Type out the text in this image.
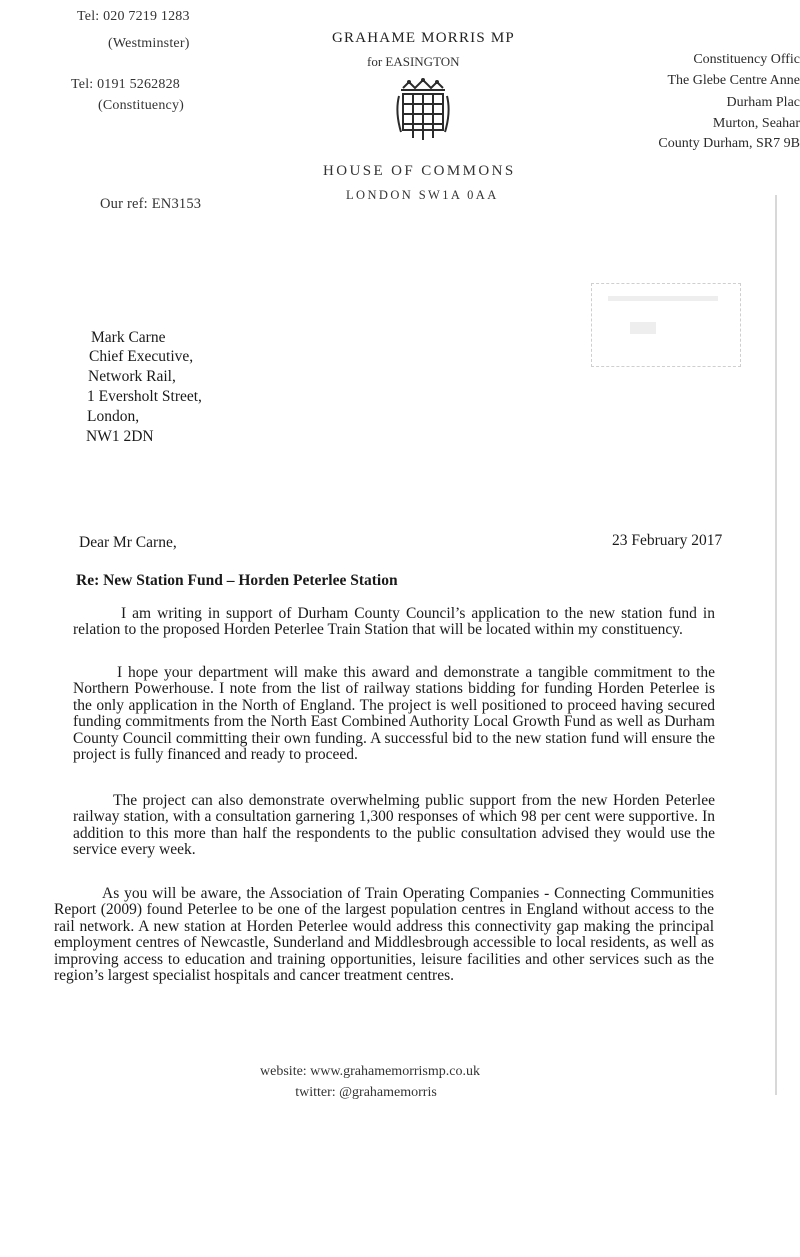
Tel: 020 7219 1283
(Westminster)
Tel: 0191 5262828
(Constituency)
GRAHAME MORRIS MP
for EASINGTON
HOUSE OF COMMONS
LONDON SW1A 0AA
Constituency Offic
The Glebe Centre Anne
Durham Plac
Murton, Seahar
County Durham, SR7 9B
Our ref: EN3153
Mark Carne
Chief Executive,
Network Rail,
1 Eversholt Street,
London,
NW1 2DN
Dear Mr Carne,	23 February 2017
Re: New Station Fund – Horden Peterlee Station
I am writing in support of Durham County Council’s application to the new station fund in relation to the proposed Horden Peterlee Train Station that will be located within my constituency.
I hope your department will make this award and demonstrate a tangible commitment to the Northern Powerhouse. I note from the list of railway stations bidding for funding Horden Peterlee is the only application in the North of England. The project is well positioned to proceed having secured funding commitments from the North East Combined Authority Local Growth Fund as well as Durham County Council committing their own funding. A successful bid to the new station fund will ensure the project is fully financed and ready to proceed.
The project can also demonstrate overwhelming public support from the new Horden Peterlee railway station, with a consultation garnering 1,300 responses of which 98 per cent were supportive. In addition to this more than half the respondents to the public consultation advised they would use the service every week.
As you will be aware, the Association of Train Operating Companies - Connecting Communities Report (2009) found Peterlee to be one of the largest population centres in England without access to the rail network. A new station at Horden Peterlee would address this connectivity gap making the principal employment centres of Newcastle, Sunderland and Middlesbrough accessible to local residents, as well as improving access to education and training opportunities, leisure facilities and other services such as the region’s largest specialist hospitals and cancer treatment centres.
website: www.grahamemorrismp.co.uk
twitter: @grahamemorris
